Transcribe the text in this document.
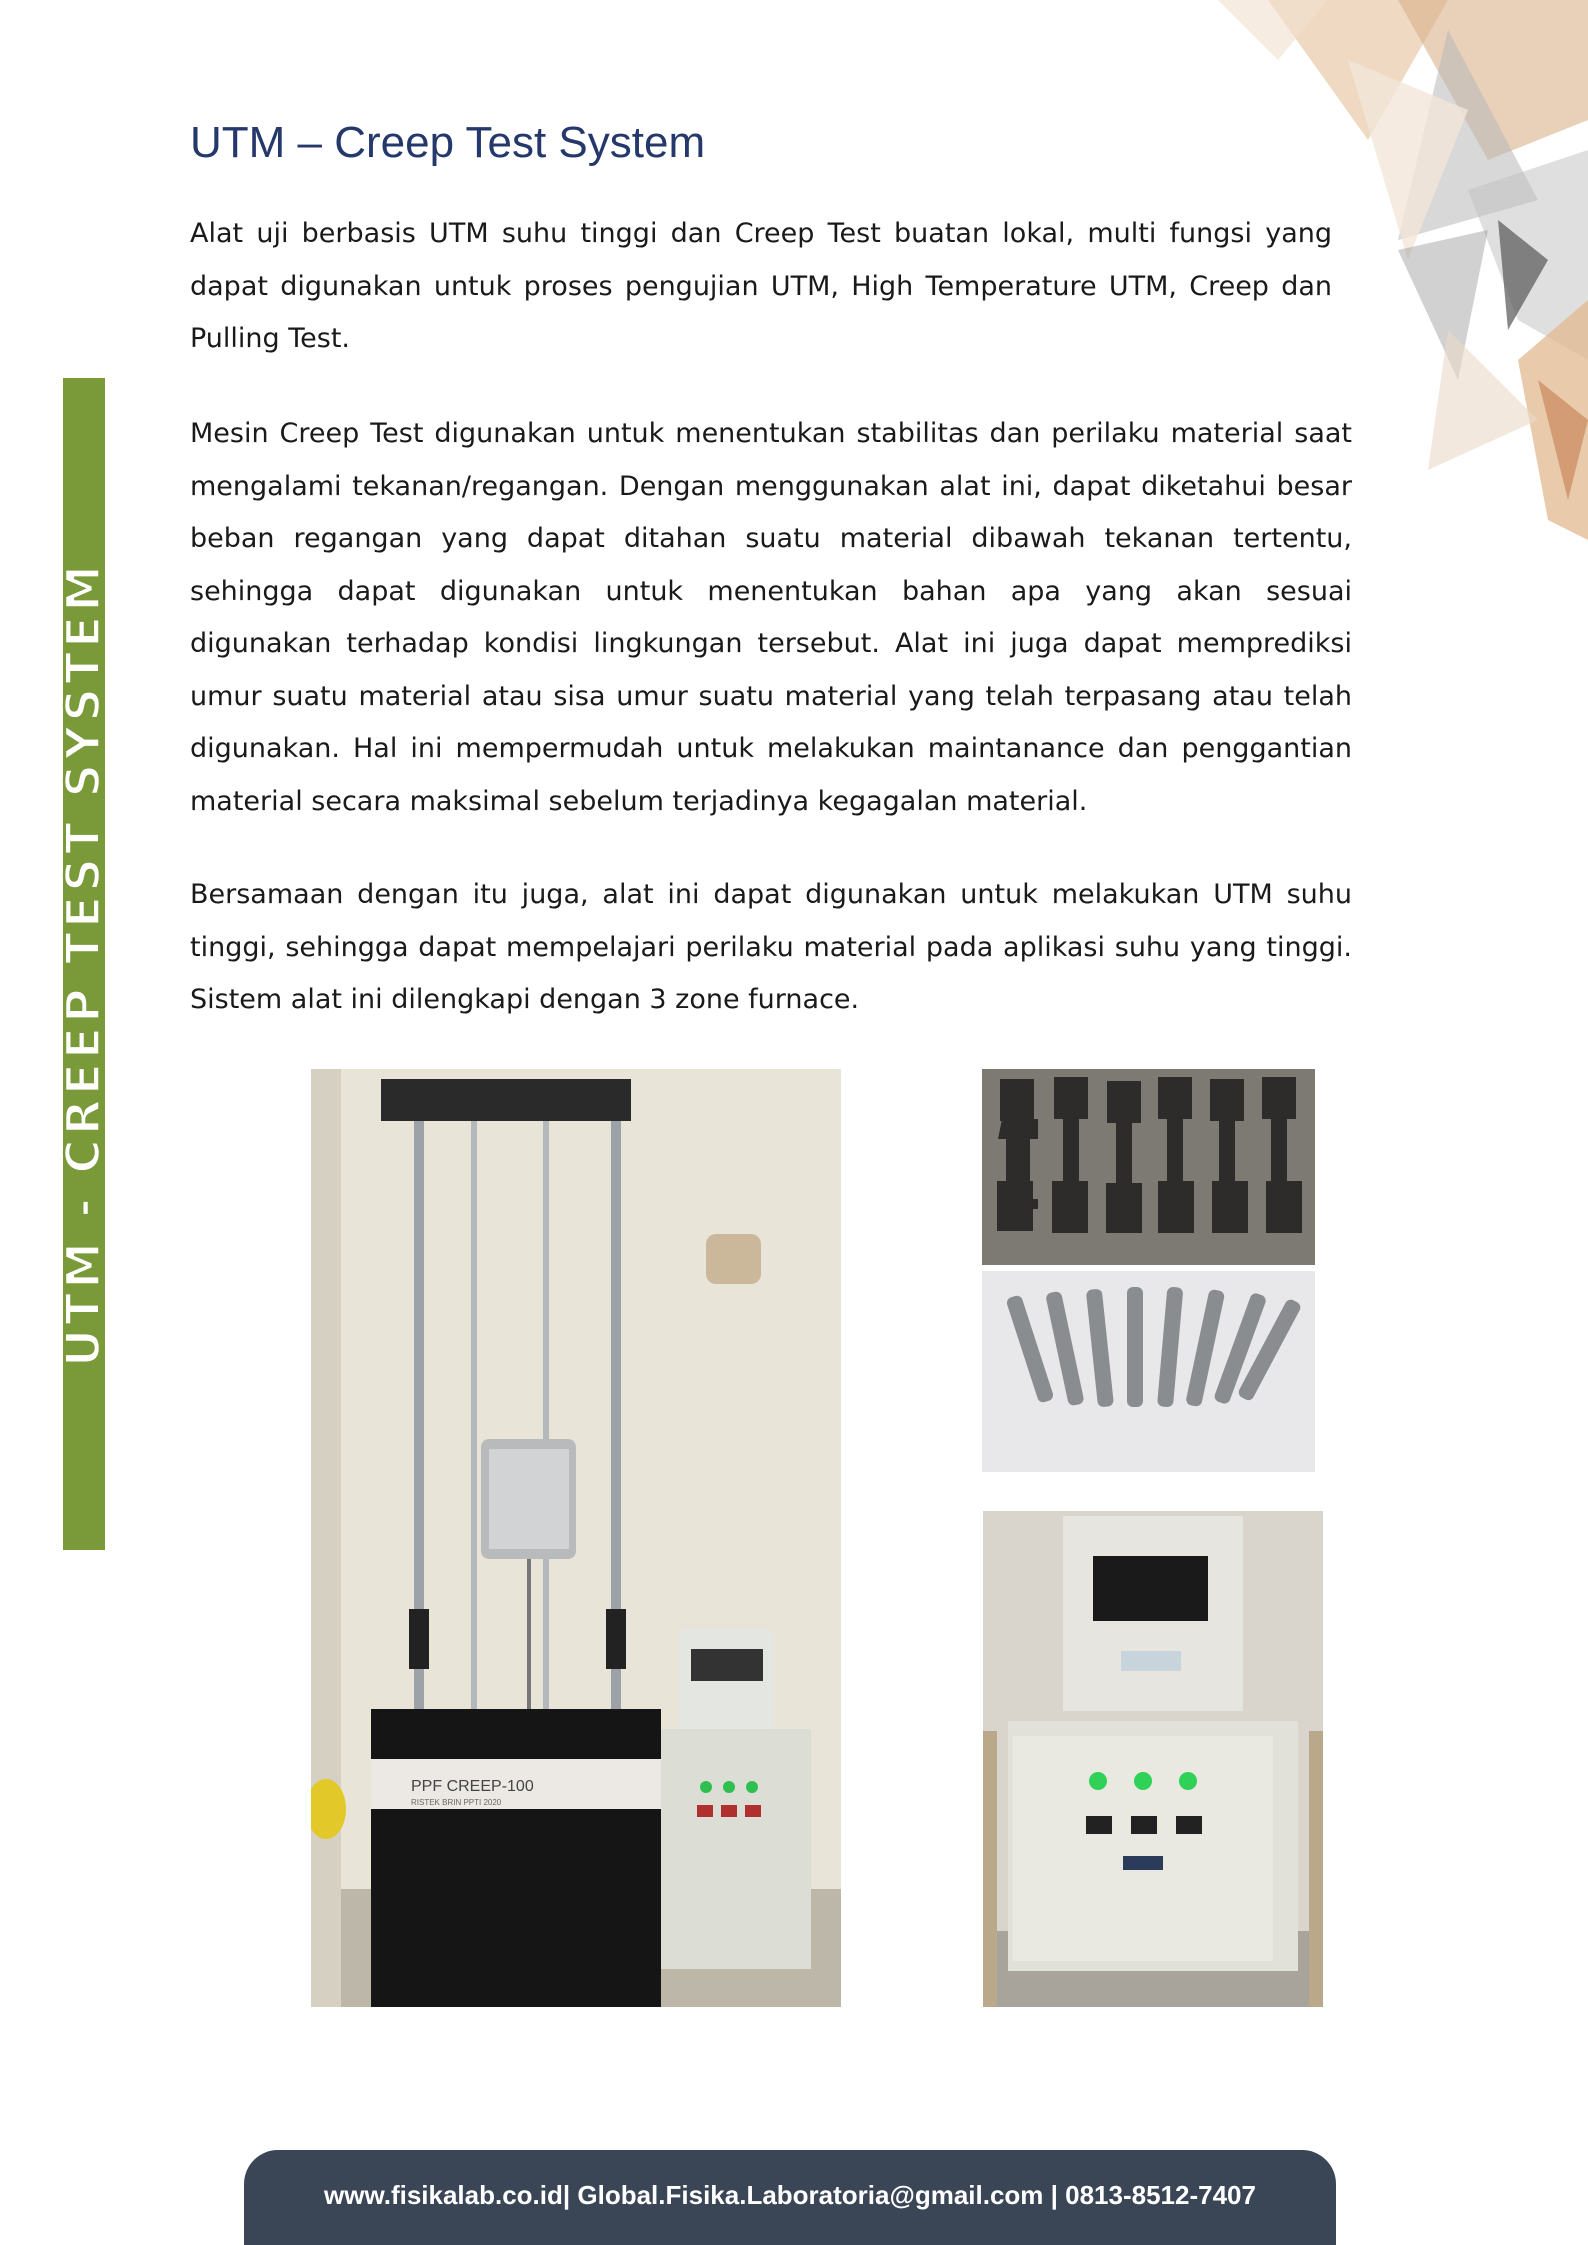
UTM - CREEP TEST SYSTEM
UTM – Creep Test System

Alat uji berbasis UTM suhu tinggi dan Creep Test buatan lokal, multi fungsi yang dapat digunakan untuk proses pengujian UTM, High Temperature UTM, Creep dan Pulling Test.

Mesin Creep Test digunakan untuk menentukan stabilitas dan perilaku material saat mengalami tekanan/regangan. Dengan menggunakan alat ini, dapat diketahui besar beban regangan yang dapat ditahan suatu material dibawah tekanan tertentu, sehingga dapat digunakan untuk menentukan bahan apa yang akan sesuai digunakan terhadap kondisi lingkungan tersebut. Alat ini juga dapat memprediksi umur suatu material atau sisa umur suatu material yang telah terpasang atau telah digunakan. Hal ini mempermudah untuk melakukan maintanance dan penggantian material secara maksimal sebelum terjadinya kegagalan material.

Bersamaan dengan itu juga, alat ini dapat digunakan untuk melakukan UTM suhu tinggi, sehingga dapat mempelajari perilaku material pada aplikasi suhu yang tinggi. Sistem alat ini dilengkapi dengan 3 zone furnace.

PPF CREEP-100
RISTEK BRIN PPTI 2020
www.fisikalab.co.id| Global.Fisika.Laboratoria@gmail.com | 0813-8512-7407
